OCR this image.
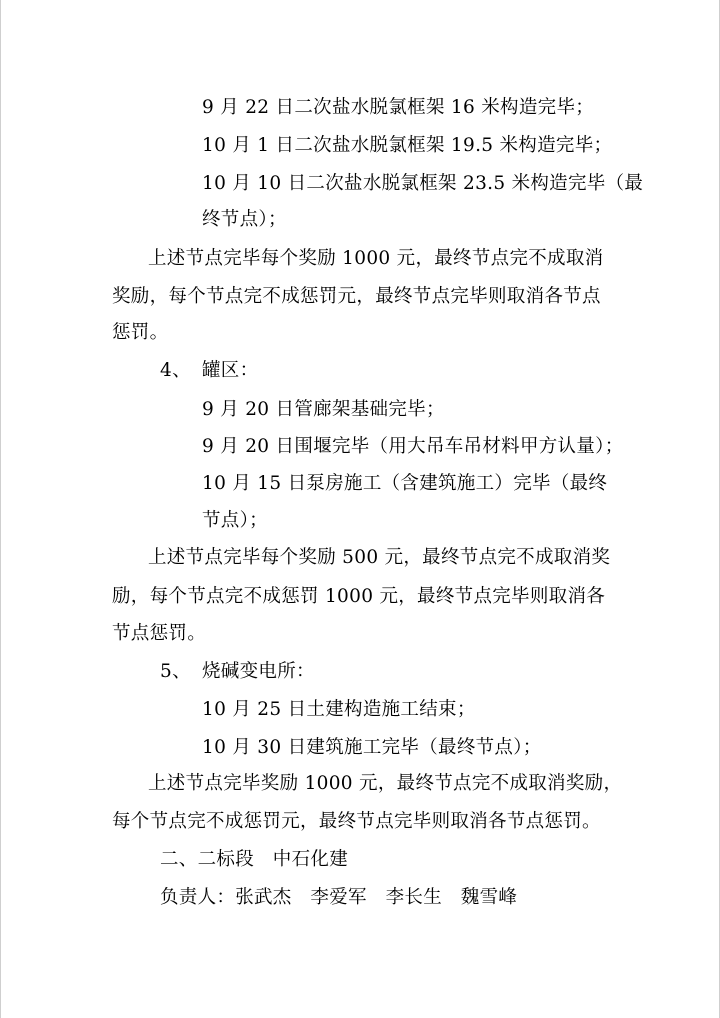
9 月 22 日二次盐水脱氯框架 16 米构造完毕；
10 月 1 日二次盐水脱氯框架 19.5 米构造完毕；
10 月 10 日二次盐水脱氯框架 23.5 米构造完毕（最
终节点）；
上述节点完毕每个奖励 1000 元，最终节点完不成取消
奖励，每个节点完不成惩罚元，最终节点完毕则取消各节点
惩罚。
4、 罐区：
9 月 20 日管廊架基础完毕；
9 月 20 日围堰完毕（用大吊车吊材料甲方认量）；
10 月 15 日泵房施工（含建筑施工）完毕（最终
节点）；
上述节点完毕每个奖励 500 元，最终节点完不成取消奖
励，每个节点完不成惩罚 1000 元，最终节点完毕则取消各
节点惩罚。
5、 烧碱变电所：
10 月 25 日土建构造施工结束；
10 月 30 日建筑施工完毕（最终节点）；
上述节点完毕奖励 1000 元，最终节点完不成取消奖励，
每个节点完不成惩罚元，最终节点完毕则取消各节点惩罚。
二、二标段　中石化建
负责人：张武杰　李爱军　李长生　魏雪峰
